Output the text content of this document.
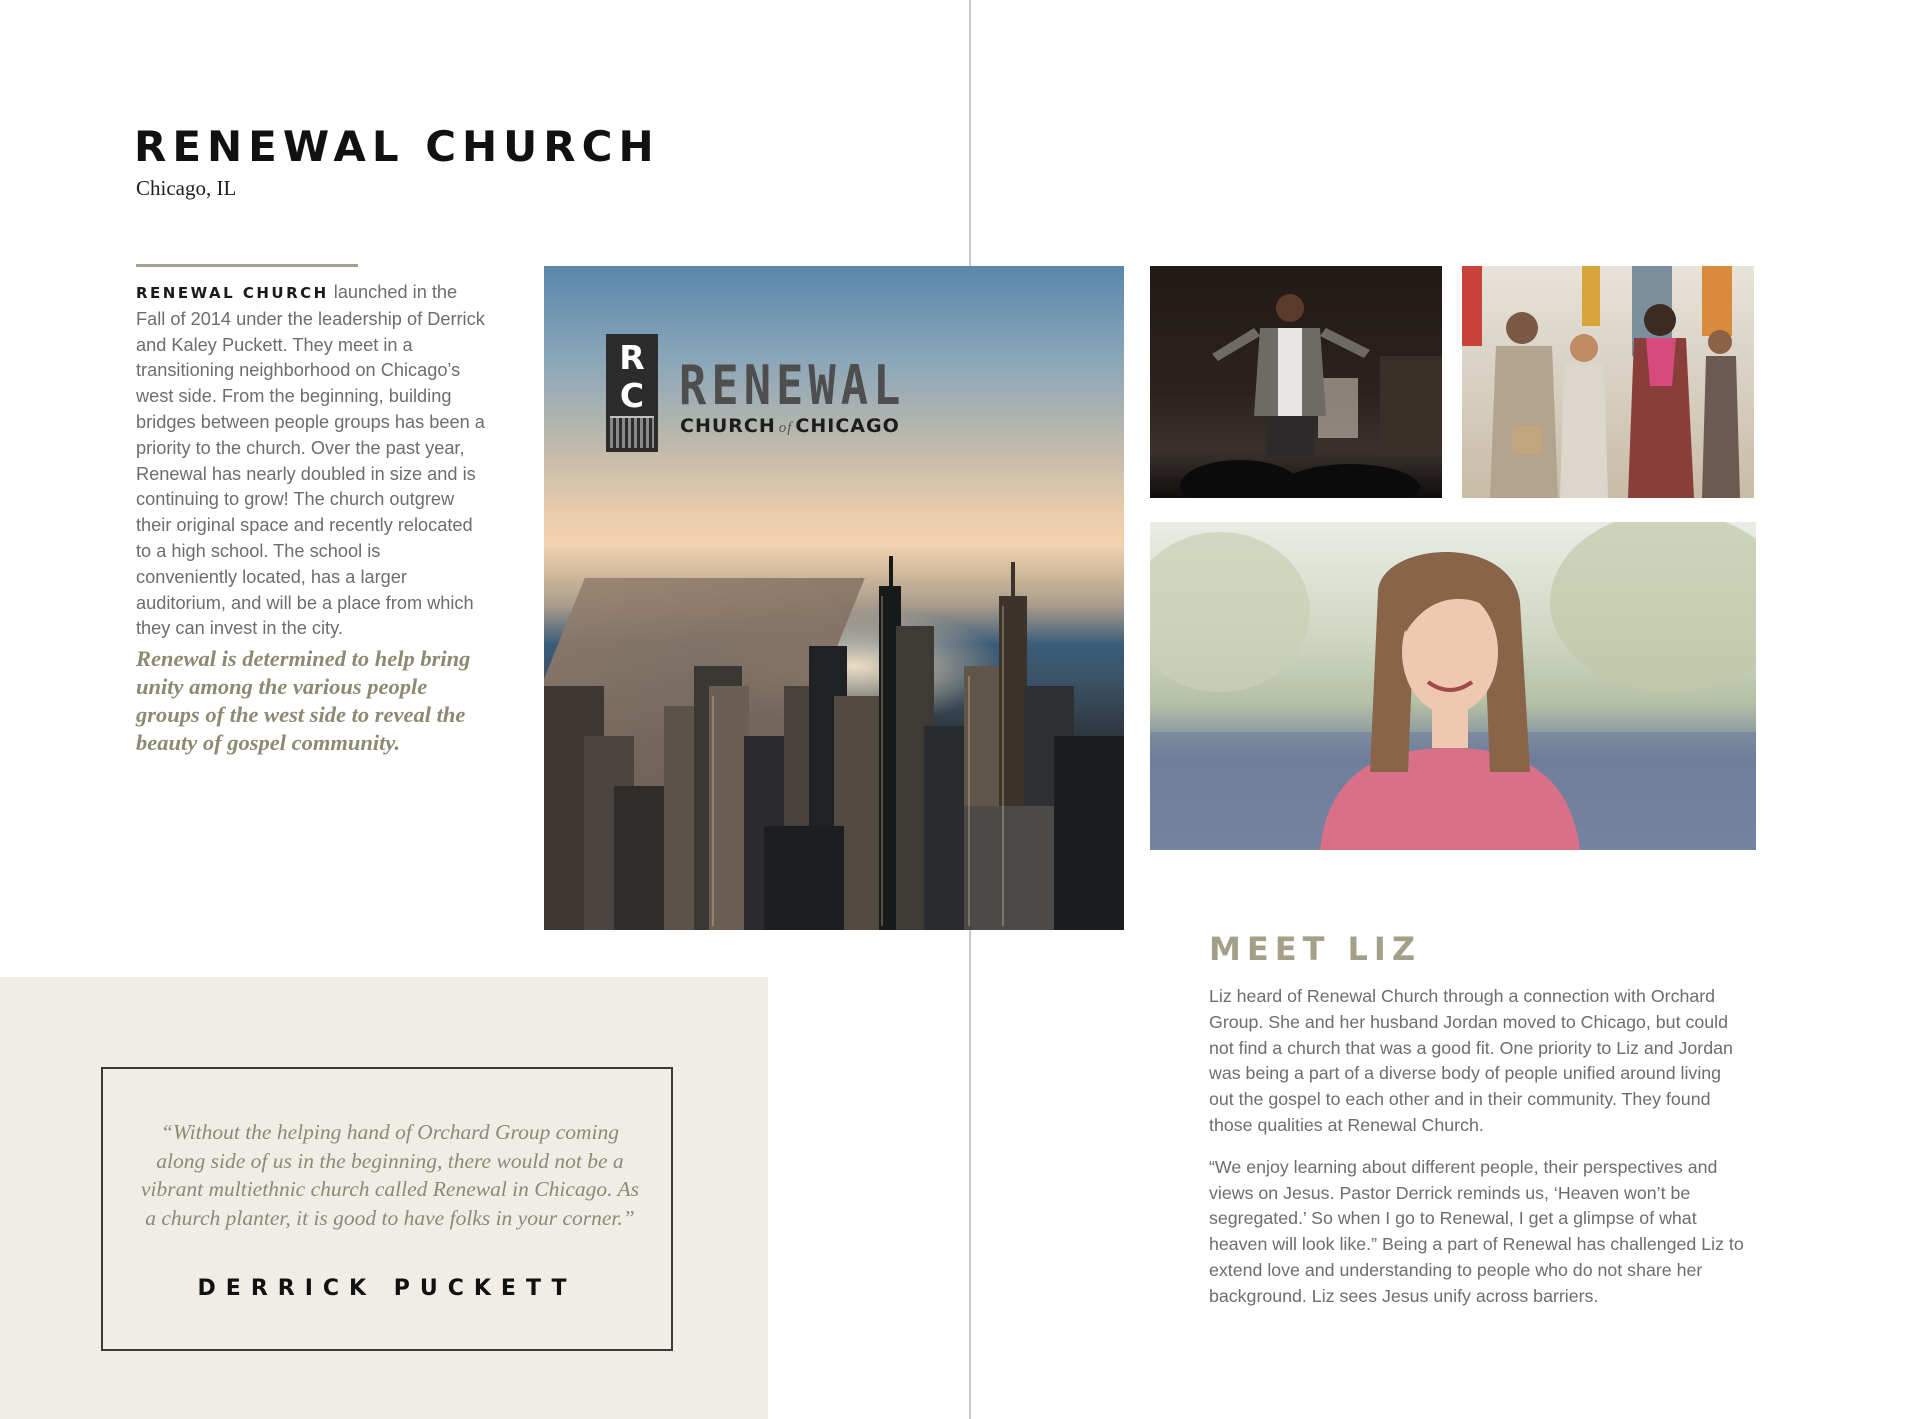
RENEWAL CHURCH
Chicago, IL
RENEWAL CHURCH launched in the Fall of 2014 under the leadership of Derrick and Kaley Puckett. They meet in a transitioning neighborhood on Chicago’s west side. From the beginning, building bridges between people groups has been a priority to the church. Over the past year, Renewal has nearly doubled in size and is continuing to grow! The church outgrew their original space and recently relocated to a high school. The school is conveniently located, has a larger auditorium, and will be a place from which they can invest in the city.
Renewal is determined to help bring unity among the various people groups of the west side to reveal the beauty of gospel community.
R
C RENEWAL
CHURCH of CHICAGO
MEET LIZ

Liz heard of Renewal Church through a connection with Orchard Group. She and her husband Jordan moved to Chicago, but could not find a church that was a good fit. One priority to Liz and Jordan was being a part of a diverse body of people unified around living out the gospel to each other and in their community. They found those qualities at Renewal Church.

“We enjoy learning about different people, their perspectives and views on Jesus. Pastor Derrick reminds us, ‘Heaven won’t be segregated.’ So when I go to Renewal, I get a glimpse of what heaven will look like.” Being a part of Renewal has challenged Liz to extend love and understanding to people who do not share her background. Liz sees Jesus unify across barriers.

“Without the helping hand of Orchard Group coming along side of us in the beginning, there would not be a vibrant multiethnic church called Renewal in Chicago. As a church planter, it is good to have folks in your corner.”
DERRICK PUCKETT
